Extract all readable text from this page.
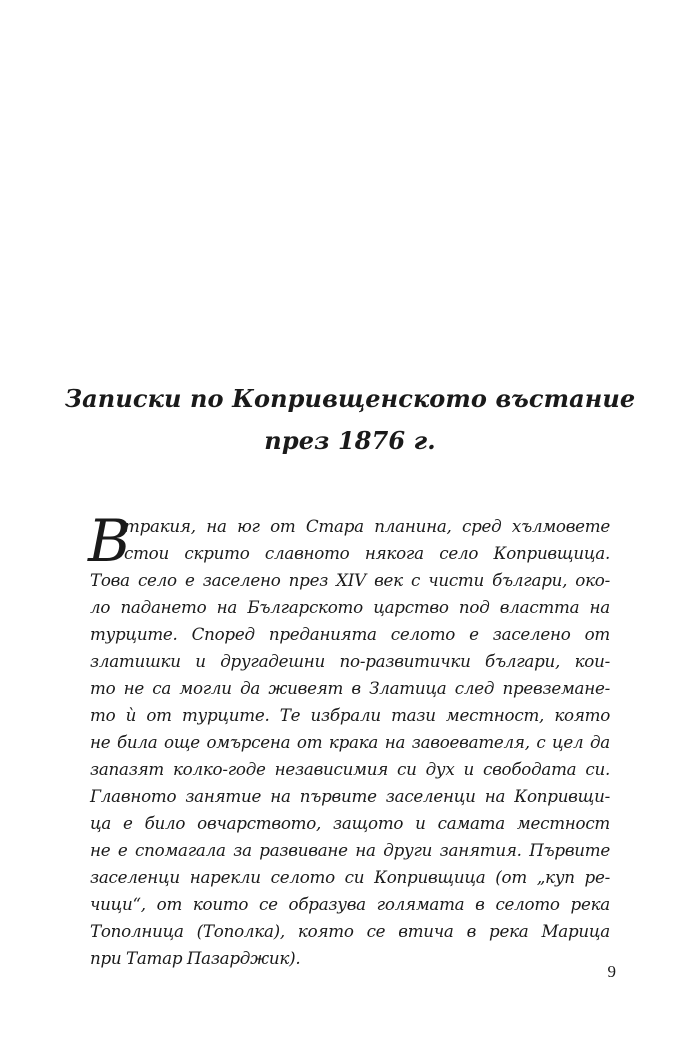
Записки по Копривщенското въстание
през 1876 г.
В
тракия, на юг от Стара планина, сред хълмовете
стои скрито славното някога село Копривщица.
Това село е заселено през XIV век с чисти българи, око-
ло падането на Българското царство под властта на
турците. Според преданията селото е заселено от
златишки и другадешни по-развитички българи, кои-
то не са могли да живеят в Златица след превземане-
то ѝ от турците. Те избрали тази местност, която
не била още омърсена от крака на завоевателя, с цел да
запазят колко-годе независимия си дух и свободата си.
Главното занятие на първите заселенци на Копривщи-
ца е било овчарството, защото и самата местност
не е спомагала за развиване на други занятия. Първите
заселенци нарекли селото си Копривщица (от „куп ре-
чици“, от които се образува голямата в селото река
Тополница (Тополка), която се втича в река Марица
при Татар Пазарджик).
9
